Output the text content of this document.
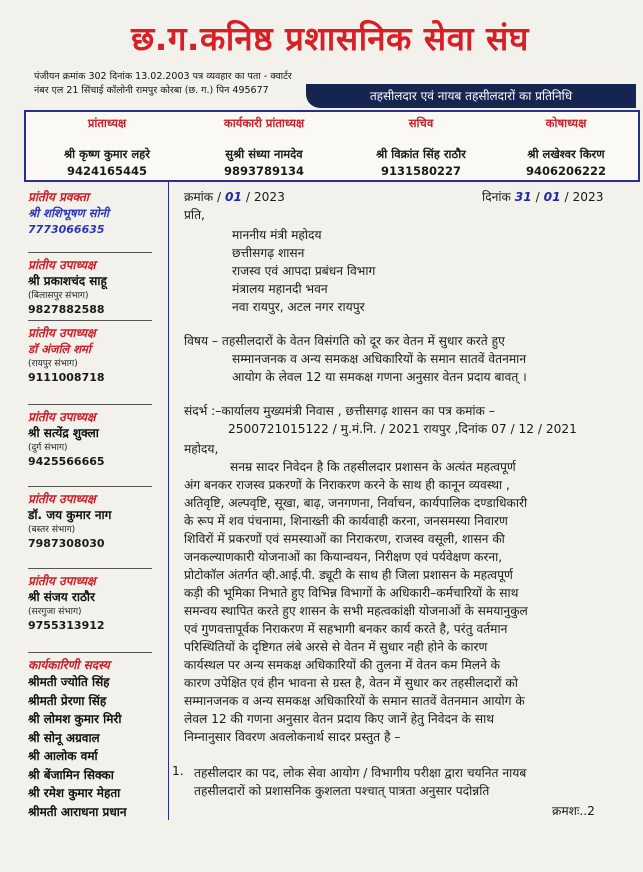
छ.ग.कनिष्ठ प्रशासनिक सेवा संघ
पंजीयन क्रमांक 302 दिनांक 13.02.2003 पत्र व्यवहार का पता - क्वार्टर
नंबर एल 21 सिंचाई कॉलोनी रामपुर कोरबा (छ. ग.) पिन 495677	तहसीलदार एवं नायब तहसीलदारों का प्रतिनिधि
प्रांताध्यक्ष
श्री कृष्ण कुमार लहरे
9424165445
कार्यकारी प्रांताध्यक्ष
सुश्री संध्या नामदेव
9893789134
सचिव
श्री विक्रांत सिंह राठौर
9131580227
कोषाध्यक्ष
श्री लखेश्वर किरण
9406206222
प्रांतीय प्रवक्ता
श्री शशिभूषण सोनी
7773066635
प्रांतीय उपाध्यक्ष
श्री प्रकाशचंद साहू
(बिलासपुर संभाग)
9827882588
प्रांतीय उपाध्यक्ष
डॉ अंजलि शर्मा
(रायपुर संभाग)
9111008718
प्रांतीय उपाध्यक्ष
श्री सत्येंद्र शुक्ला
(दुर्ग संभाग)
9425566665
प्रांतीय उपाध्यक्ष
डॉ. जय कुमार नाग
(बस्तर संभाग)
7987308030
प्रांतीय उपाध्यक्ष
श्री संजय राठौर
(सरगुजा संभाग)
9755313912
कार्यकारिणी सदस्य
श्रीमती ज्योति सिंह
श्रीमती प्रेरणा सिंह
श्री लोमश कुमार मिरी
श्री सोनू अग्रवाल
श्री आलोक वर्मा
श्री बेंजामिन सिक्का
श्री रमेश कुमार मेहता
श्रीमती आराधना प्रधान
क्रमांक / 01 / 2023	दिनांक 31 / 01 / 2023
प्रति,
माननीय मंत्री महोदय
छत्तीसगढ़ शासन
राजस्व एवं आपदा प्रबंधन विभाग
मंत्रालय महानदी भवन
नवा रायपुर, अटल नगर रायपुर
विषय – तहसीलदारों के वेतन विसंगति को दूर कर वेतन में सुधार करते हुए
सम्मानजनक व अन्य समकक्ष अधिकारियों के समान सातवें वेतनमान
आयोग के लेवल 12 या समकक्ष गणना अनुसार वेतन प्रदाय बावत् ।
संदर्भ :–कार्यालय मुख्यमंत्री निवास , छत्तीसगढ़ शासन का पत्र कमांक –
2500721015122 / मु.मं.नि. / 2021 रायपुर ,दिनांक 07 / 12 / 2021
महोदय,
सनम्र सादर निवेदन है कि तहसीलदार प्रशासन के अत्यंत महत्वपूर्ण
अंग बनकर राजस्व प्रकरणों के निराकरण करने के साथ ही कानून व्यवस्था ,
अतिवृष्टि, अल्पवृष्टि, सूखा, बाढ़, जनगणना, निर्वाचन, कार्यपालिक दण्डाधिकारी
के रूप में शव पंचनामा, शिनाख्ती की कार्यवाही करना, जनसमस्या निवारण
शिविरों में प्रकरणों एवं समस्याओं का निराकरण, राजस्व वसूली, शासन की
जनकल्याणकारी योजनाओं का कियान्वयन, निरीक्षण एवं पर्यवेक्षण करना,
प्रोटोकॉल अंतर्गत व्ही.आई.पी. ड्यूटी के साथ ही जिला प्रशासन के महत्वपूर्ण
कड़ी की भूमिका निभाते हुए विभिन्न विभागों के अधिकारी–कर्मचारियों के साथ
समन्वय स्थापित करते हुए शासन के सभी महत्वकांक्षी योजनाओं के समयानुकुल
एवं गुणवत्तापूर्वक निराकरण में सहभागी बनकर कार्य करते है, परंतु वर्तमान
परिस्थितियों के दृष्टिगत लंबे अरसे से वेतन में सुधार नही होने के कारण
कार्यस्थल पर अन्य समकक्ष अधिकारियों की तुलना में वेतन कम मिलने के
कारण उपेक्षित एवं हीन भावना से ग्रस्त है, वेतन में सुधार कर तहसीलदारों को
सम्मानजनक व अन्य समकक्ष अधिकारियों के समान सातवें वेतनमान आयोग के
लेवल 12 की गणना अनुसार वेतन प्रदाय किए जानें हेतु निवेदन के साथ
निम्नानुसार विवरण अवलोकनार्थ सादर प्रस्तुत है –
1. तहसीलदार का पद, लोक सेवा आयोग / विभागीय परीक्षा द्वारा चयनित नायब
तहसीलदारों को प्रशासनिक कुशलता पश्चात् पात्रता अनुसार पदोन्नति
क्रमशः..2
